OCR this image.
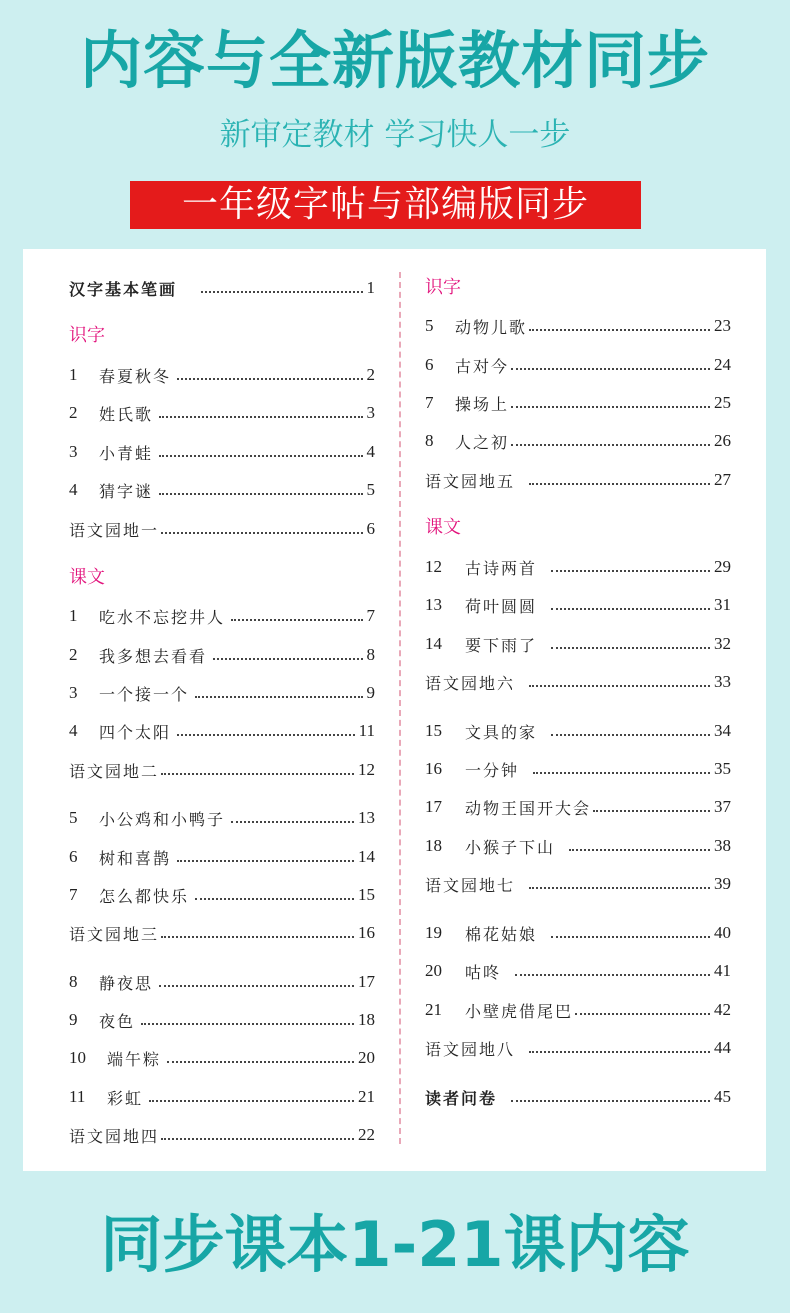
内容与全新版教材同步
新审定教材 学习快人一步
一年级字帖与部编版同步
汉字基本笔画	1
识字
1	春夏秋冬	2
2	姓氏歌	3
3	小青蛙	4
4	猜字谜	5
语文园地一	6
课文
1	吃水不忘挖井人	7
2	我多想去看看	8
3	一个接一个	9
4	四个太阳	11
语文园地二	12
5	小公鸡和小鸭子	13
6	树和喜鹊	14
7	怎么都快乐	15
语文园地三	16
8	静夜思	17
9	夜色	18
10	端午粽	20
11	彩虹	21
语文园地四	22
识字
5	动物儿歌	23
6	古对今	24
7	操场上	25
8	人之初	26
语文园地五	27
课文
12	古诗两首	29
13	荷叶圆圆	31
14	要下雨了	32
语文园地六	33
15	文具的家	34
16	一分钟	35
17	动物王国开大会	37
18	小猴子下山	38
语文园地七	39
19	棉花姑娘	40
20	咕咚	41
21	小壁虎借尾巴	42
语文园地八	44
读者问卷	45
同步课本1-21课内容
